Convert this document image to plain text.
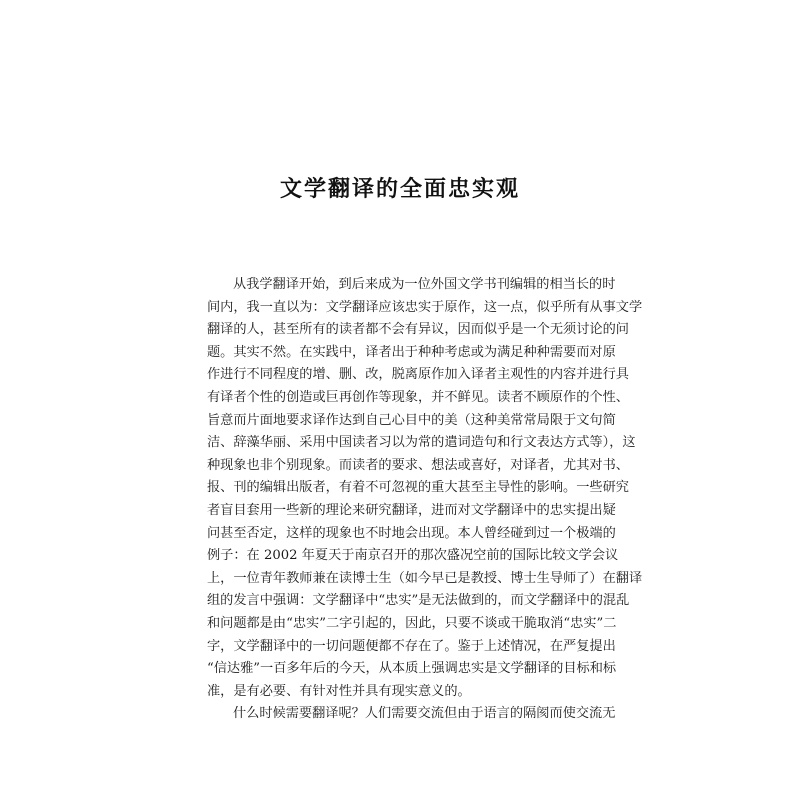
文学翻译的全面忠实观
从我学翻译开始，到后来成为一位外国文学书刊编辑的相当长的时
间内，我一直以为：文学翻译应该忠实于原作，这一点，似乎所有从事文学
翻译的人，甚至所有的读者都不会有异议，因而似乎是一个无须讨论的问
题。其实不然。在实践中，译者出于种种考虑或为满足种种需要而对原
作进行不同程度的增、删、改，脱离原作加入译者主观性的内容并进行具
有译者个性的创造或巨再创作等现象，并不鲜见。读者不顾原作的个性、
旨意而片面地要求译作达到自己心目中的美（这种美常常局限于文句简
洁、辞藻华丽、采用中国读者习以为常的遣词造句和行文表达方式等），这
种现象也非个别现象。而读者的要求、想法或喜好，对译者，尤其对书、
报、刊的编辑出版者，有着不可忽视的重大甚至主导性的影响。一些研究
者盲目套用一些新的理论来研究翻译，进而对文学翻译中的忠实提出疑
问甚至否定，这样的现象也不时地会出现。本人曾经碰到过一个极端的
例子：在 2002 年夏天于南京召开的那次盛况空前的国际比较文学会议
上，一位青年教师兼在读博士生（如今早已是教授、博士生导师了）在翻译
组的发言中强调：文学翻译中“忠实”是无法做到的，而文学翻译中的混乱
和问题都是由“忠实”二字引起的，因此，只要不谈或干脆取消“忠实”二
字，文学翻译中的一切问题便都不存在了。鉴于上述情况，在严复提出
“信达雅”一百多年后的今天，从本质上强调忠实是文学翻译的目标和标
准，是有必要、有针对性并具有现实意义的。
什么时候需要翻译呢？人们需要交流但由于语言的隔阂而使交流无
